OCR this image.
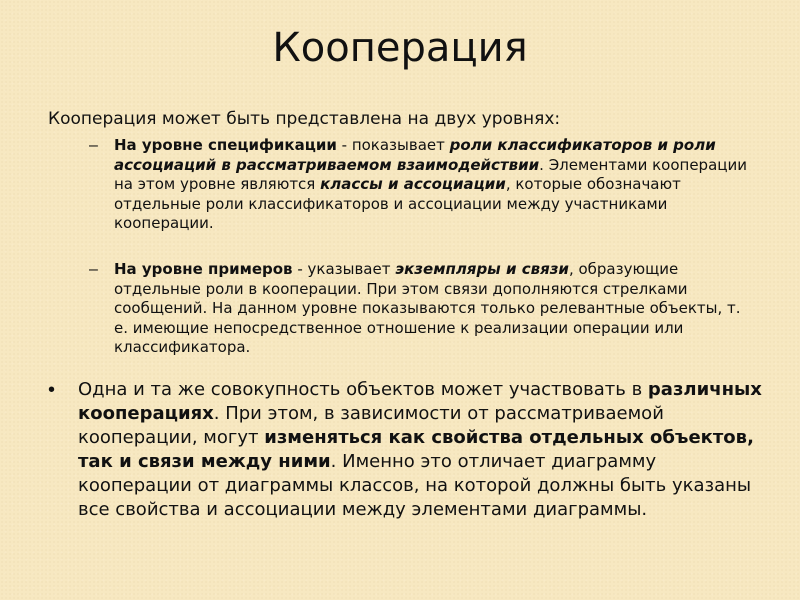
Кооперация
Кооперация может быть представлена на двух уровнях:
– На уровне спецификации - показывает роли классификаторов и роли ассоциаций в рассматриваемом взаимодействии. Элементами кооперации на этом уровне являются классы и ассоциации, которые обозначают отдельные роли классификаторов и ассоциации между участниками кооперации.
– На уровне примеров - указывает экземпляры и связи, образующие отдельные роли в кооперации. При этом связи дополняются стрелками сообщений. На данном уровне показываются только релевантные объекты, т. е. имеющие непосредственное отношение к реализации операции или классификатора.
• Одна и та же совокупность объектов может участвовать в различных кооперациях. При этом, в зависимости от рассматриваемой кооперации, могут изменяться как свойства отдельных объектов, так и связи между ними. Именно это отличает диаграмму кооперации от диаграммы классов, на которой должны быть указаны все свойства и ассоциации между элементами диаграммы.
